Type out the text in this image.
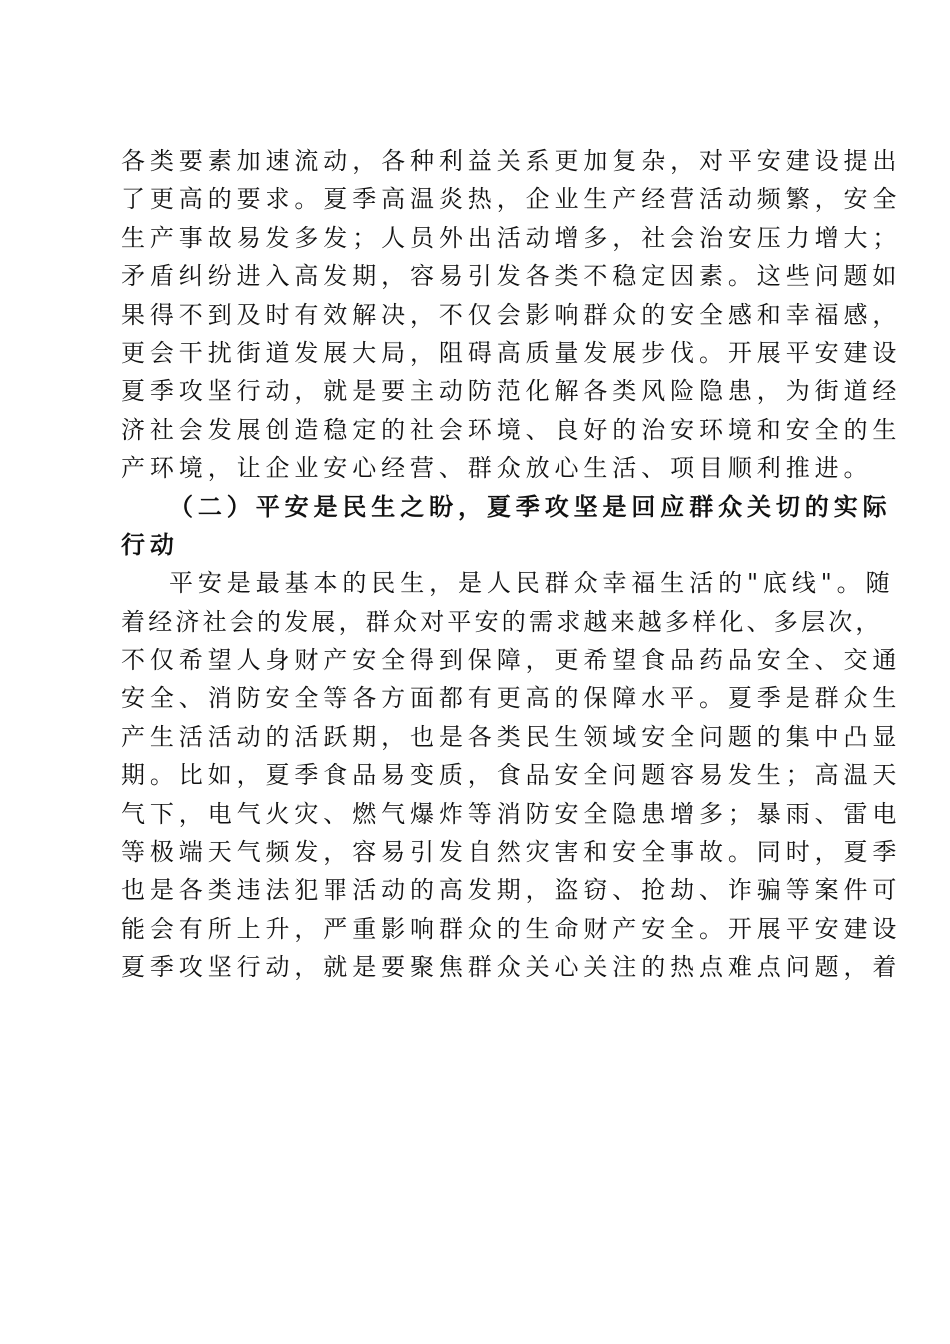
各类要素加速流动，各种利益关系更加复杂，对平安建设提出
了更高的要求。夏季高温炎热，企业生产经营活动频繁，安全
生产事故易发多发；人员外出活动增多，社会治安压力增大；
矛盾纠纷进入高发期，容易引发各类不稳定因素。这些问题如
果得不到及时有效解决，不仅会影响群众的安全感和幸福感，
更会干扰街道发展大局，阻碍高质量发展步伐。开展平安建设
夏季攻坚行动，就是要主动防范化解各类风险隐患，为街道经
济社会发展创造稳定的社会环境、良好的治安环境和安全的生
产环境，让企业安心经营、群众放心生活、项目顺利推进。
（二）平安是民生之盼，夏季攻坚是回应群众关切的实际
行动
平安是最基本的民生，是人民群众幸福生活的"底线"。随
着经济社会的发展，群众对平安的需求越来越多样化、多层次，
不仅希望人身财产安全得到保障，更希望食品药品安全、交通
安全、消防安全等各方面都有更高的保障水平。夏季是群众生
产生活活动的活跃期，也是各类民生领域安全问题的集中凸显
期。比如，夏季食品易变质，食品安全问题容易发生；高温天
气下，电气火灾、燃气爆炸等消防安全隐患增多；暴雨、雷电
等极端天气频发，容易引发自然灾害和安全事故。同时，夏季
也是各类违法犯罪活动的高发期，盗窃、抢劫、诈骗等案件可
能会有所上升，严重影响群众的生命财产安全。开展平安建设
夏季攻坚行动，就是要聚焦群众关心关注的热点难点问题，着
